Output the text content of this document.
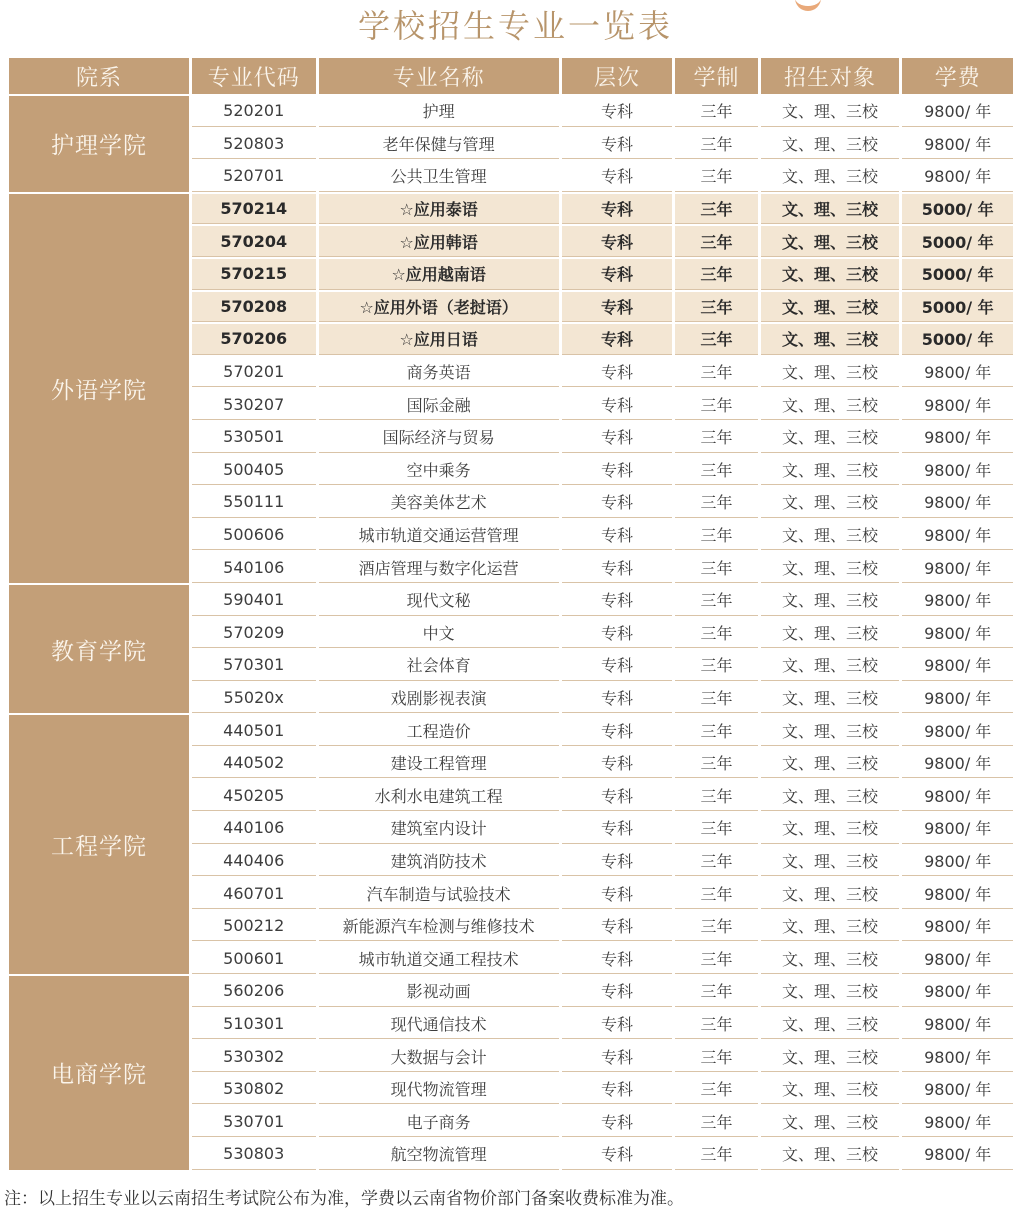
学校招生专业一览表
院系	专业代码	专业名称	层次	学制	招生对象	学费
护理学院	520201	护理	专科	三年	文、理、三校	9800/ 年
	520803	老年保健与管理	专科	三年	文、理、三校	9800/ 年
	520701	公共卫生管理	专科	三年	文、理、三校	9800/ 年
外语学院	570214	☆应用泰语	专科	三年	文、理、三校	5000/ 年
	570204	☆应用韩语	专科	三年	文、理、三校	5000/ 年
	570215	☆应用越南语	专科	三年	文、理、三校	5000/ 年
	570208	☆应用外语（老挝语）	专科	三年	文、理、三校	5000/ 年
	570206	☆应用日语	专科	三年	文、理、三校	5000/ 年
	570201	商务英语	专科	三年	文、理、三校	9800/ 年
	530207	国际金融	专科	三年	文、理、三校	9800/ 年
	530501	国际经济与贸易	专科	三年	文、理、三校	9800/ 年
	500405	空中乘务	专科	三年	文、理、三校	9800/ 年
	550111	美容美体艺术	专科	三年	文、理、三校	9800/ 年
	500606	城市轨道交通运营管理	专科	三年	文、理、三校	9800/ 年
	540106	酒店管理与数字化运营	专科	三年	文、理、三校	9800/ 年
教育学院	590401	现代文秘	专科	三年	文、理、三校	9800/ 年
	570209	中文	专科	三年	文、理、三校	9800/ 年
	570301	社会体育	专科	三年	文、理、三校	9800/ 年
	55020x	戏剧影视表演	专科	三年	文、理、三校	9800/ 年
工程学院	440501	工程造价	专科	三年	文、理、三校	9800/ 年
	440502	建设工程管理	专科	三年	文、理、三校	9800/ 年
	450205	水利水电建筑工程	专科	三年	文、理、三校	9800/ 年
	440106	建筑室内设计	专科	三年	文、理、三校	9800/ 年
	440406	建筑消防技术	专科	三年	文、理、三校	9800/ 年
	460701	汽车制造与试验技术	专科	三年	文、理、三校	9800/ 年
	500212	新能源汽车检测与维修技术	专科	三年	文、理、三校	9800/ 年
	500601	城市轨道交通工程技术	专科	三年	文、理、三校	9800/ 年
电商学院	560206	影视动画	专科	三年	文、理、三校	9800/ 年
	510301	现代通信技术	专科	三年	文、理、三校	9800/ 年
	530302	大数据与会计	专科	三年	文、理、三校	9800/ 年
	530802	现代物流管理	专科	三年	文、理、三校	9800/ 年
	530701	电子商务	专科	三年	文、理、三校	9800/ 年
	530803	航空物流管理	专科	三年	文、理、三校	9800/ 年
注：以上招生专业以云南招生考试院公布为准，学费以云南省物价部门备案收费标准为准。
